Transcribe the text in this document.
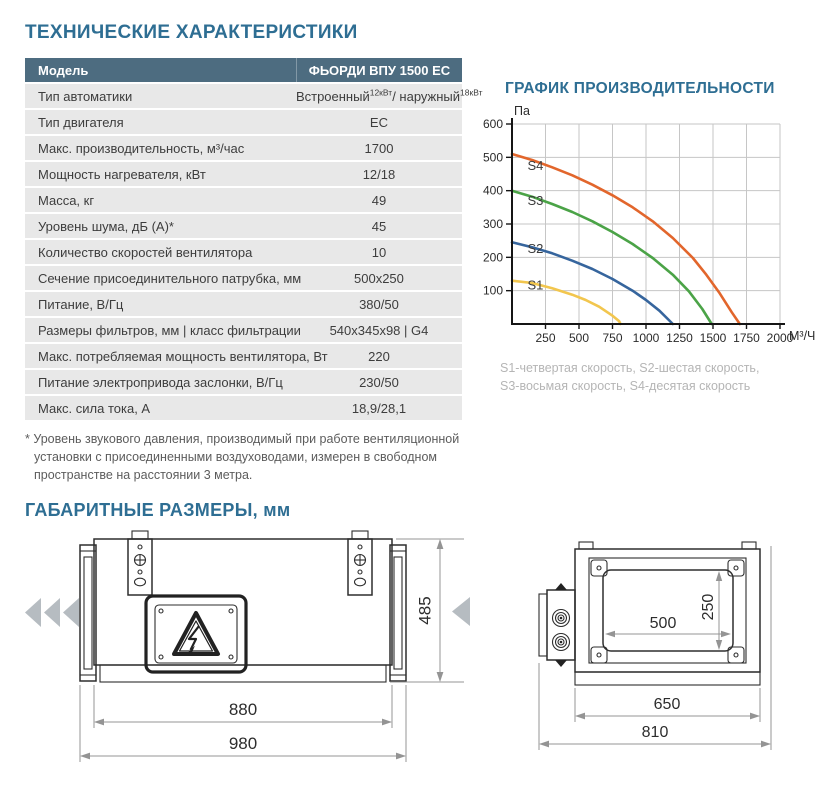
ТЕХНИЧЕСКИЕ ХАРАКТЕРИСТИКИ
Модель	ФЬОРДИ ВПУ 1500 ЕС
Тип автоматики	Встроенный$^{12кВт}$/ наружный$^{18кВт}$
Тип двигателя	ЕС
Макс. производительность, м³/час	1700
Мощность нагревателя, кВт	12/18
Масса, кг	49
Уровень шума, дБ (А)*	45
Количество скоростей вентилятора	10
Сечение присоединительного патрубка, мм	500x250
Питание, В/Гц	380/50
Размеры фильтров, мм | класс фильтрации	540x345x98 | G4
Макс. потребляемая мощность вентилятора, Вт	220
Питание электропривода заслонки, В/Гц	230/50
Макс. сила тока, А	18,9/28,1

* Уровень звукового давления, производимый при работе вентиляционной установки с присоединенными воздуховодами, измерен в свободном пространстве на расстоянии 3 метра.

ГРАФИК ПРОИЗВОДИТЕЛЬНОСТИ
250 500 750 1000 1250 1500 1750 2000
100
200
300
400
500
600
Па
М³/Ч
S1
S2
S3
S4
S1-четвертая скорость, S2-шестая скорость,
S3-восьмая скорость, S4-десятая скорость
ГАБАРИТНЫЕ РАЗМЕРЫ, мм
485
880
980
500
250
650
810
